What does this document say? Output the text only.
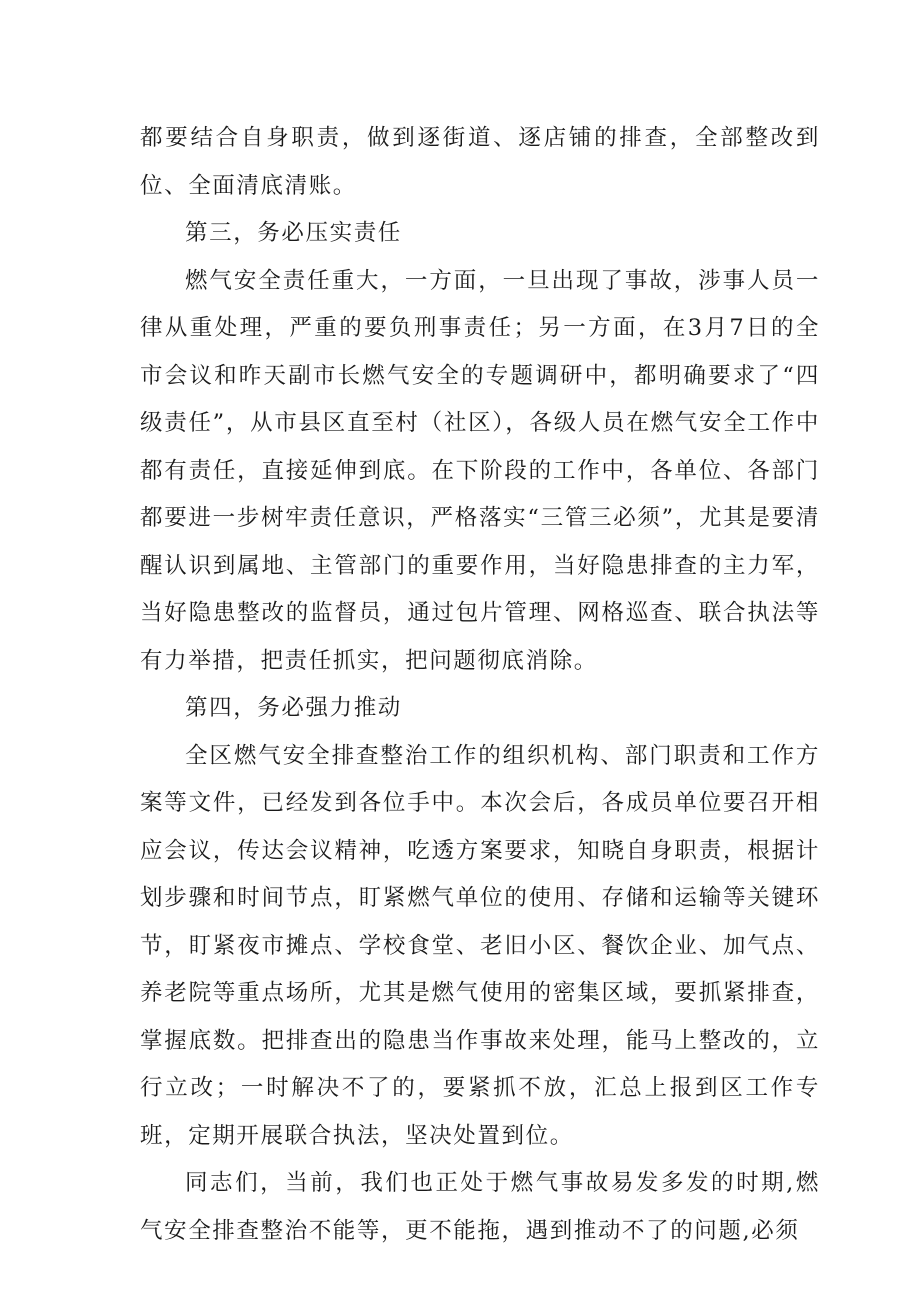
都要结合自身职责，做到逐街道、逐店铺的排查，全部整改到位、全面清底清账。

第三，务必压实责任

燃气安全责任重大，一方面，一旦出现了事故，涉事人员一律从重处理，严重的要负刑事责任；另一方面，在3月7日的全市会议和昨天副市长燃气安全的专题调研中，都明确要求了“四级责任”，从市县区直至村（社区），各级人员在燃气安全工作中都有责任，直接延伸到底。在下阶段的工作中，各单位、各部门都要进一步树牢责任意识，严格落实“三管三必须”，尤其是要清醒认识到属地、主管部门的重要作用，当好隐患排查的主力军，当好隐患整改的监督员，通过包片管理、网格巡查、联合执法等有力举措，把责任抓实，把问题彻底消除。

第四，务必强力推动

全区燃气安全排查整治工作的组织机构、部门职责和工作方案等文件，已经发到各位手中。本次会后，各成员单位要召开相应会议，传达会议精神，吃透方案要求，知晓自身职责，根据计划步骤和时间节点，盯紧燃气单位的使用、存储和运输等关键环节，盯紧夜市摊点、学校食堂、老旧小区、餐饮企业、加气点、养老院等重点场所，尤其是燃气使用的密集区域，要抓紧排查，掌握底数。把排查出的隐患当作事故来处理，能马上整改的，立行立改；一时解决不了的，要紧抓不放，汇总上报到区工作专班，定期开展联合执法，坚决处置到位。

同志们，当前，我们也正处于燃气事故易发多发的时期,燃气安全排查整治不能等，更不能拖，遇到推动不了的问题,必须
